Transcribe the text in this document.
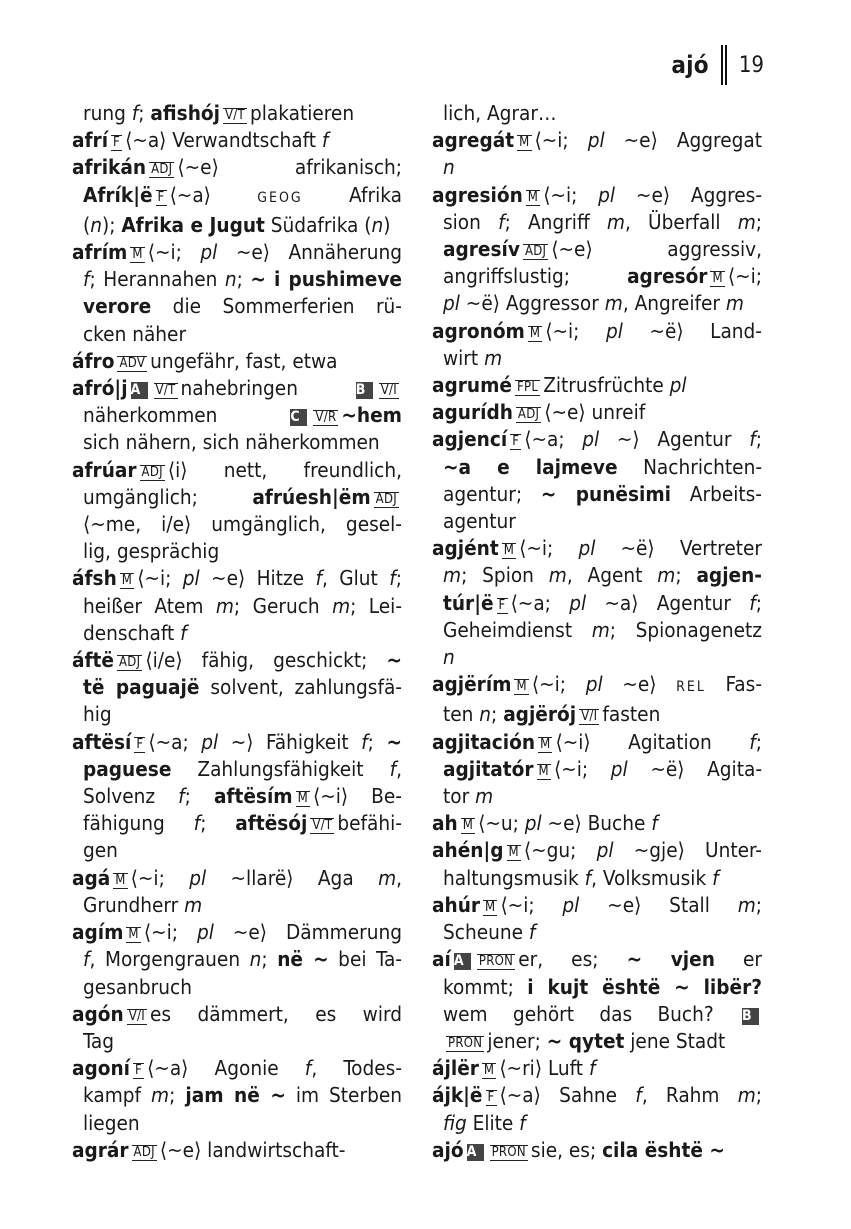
ajó 19
rung f; afishój V/T plakatieren
afrí F ⟨~a⟩ Verwandtschaft f
afrikán ADJ ⟨~e⟩ afrikanisch;
Afrík|ë F ⟨~a⟩ GEOG Afrika
(n); Afrika e Jugut Südafrika (n)
afrím M ⟨~i; pl ~e⟩ Annäherung
f; Herannahen n; ~ i pushimeve
verore die Sommerferien rü-
cken näher
áfro ADV ungefähr, fast, etwa
afró|j A V/T nahebringen B V/I
näherkommen C V/R ~hem
sich nähern, sich näherkommen
afrúar ADJ ⟨i⟩ nett, freundlich,
umgänglich; afrúesh|ëm ADJ
⟨~me, i/e⟩ umgänglich, gesel-
lig, gesprächig
áfsh M ⟨~i; pl ~e⟩ Hitze f, Glut f;
heißer Atem m; Geruch m; Lei-
denschaft f
áftë ADJ ⟨i/e⟩ fähig, geschickt; ~
të paguajë solvent, zahlungsfä-
hig
aftësí F ⟨~a; pl ~⟩ Fähigkeit f; ~
paguese Zahlungsfähigkeit f,
Solvenz f; aftësím M ⟨~i⟩ Be-
fähigung f; aftësój V/T befähi-
gen
agá M ⟨~i; pl ~llarë⟩ Aga m,
Grundherr m
agím M ⟨~i; pl ~e⟩ Dämmerung
f, Morgengrauen n; në ~ bei Ta-
gesanbruch
agón V/I es dämmert, es wird
Tag
agoní F ⟨~a⟩ Agonie f, Todes-
kampf m; jam në ~ im Sterben
liegen
agrár ADJ ⟨~e⟩ landwirtschaft-
lich, Agrar…
agregát M ⟨~i; pl ~e⟩ Aggregat
n
agresión M ⟨~i; pl ~e⟩ Aggres-
sion f; Angriff m, Überfall m;
agresív ADJ ⟨~e⟩ aggressiv,
angriffslustig; agresór M ⟨~i;
pl ~ë⟩ Aggressor m, Angreifer m
agronóm M ⟨~i; pl ~ë⟩ Land-
wirt m
agrumé FPL Zitrusfrüchte pl
agurídh ADJ ⟨~e⟩ unreif
agjencí F ⟨~a; pl ~⟩ Agentur f;
~a e lajmeve Nachrichten-
agentur; ~ punësimi Arbeits-
agentur
agjént M ⟨~i; pl ~ë⟩ Vertreter
m; Spion m, Agent m; agjen-
túr|ë F ⟨~a; pl ~a⟩ Agentur f;
Geheimdienst m; Spionagenetz
n
agjërím M ⟨~i; pl ~e⟩ REL Fas-
ten n; agjërój V/I fasten
agjitación M ⟨~i⟩ Agitation f;
agjitatór M ⟨~i; pl ~ë⟩ Agita-
tor m
ah M ⟨~u; pl ~e⟩ Buche f
ahén|g M ⟨~gu; pl ~gje⟩ Unter-
haltungsmusik f, Volksmusik f
ahúr M ⟨~i; pl ~e⟩ Stall m;
Scheune f
aí A PRON er, es; ~ vjen er
kommt; i kujt është ~ libër?
wem gehört das Buch? B
PRON jener; ~ qytet jene Stadt
ájlër M ⟨~ri⟩ Luft f
ájk|ë F ⟨~a⟩ Sahne f, Rahm m;
fig Elite f
ajó A PRON sie, es; cila është ~
